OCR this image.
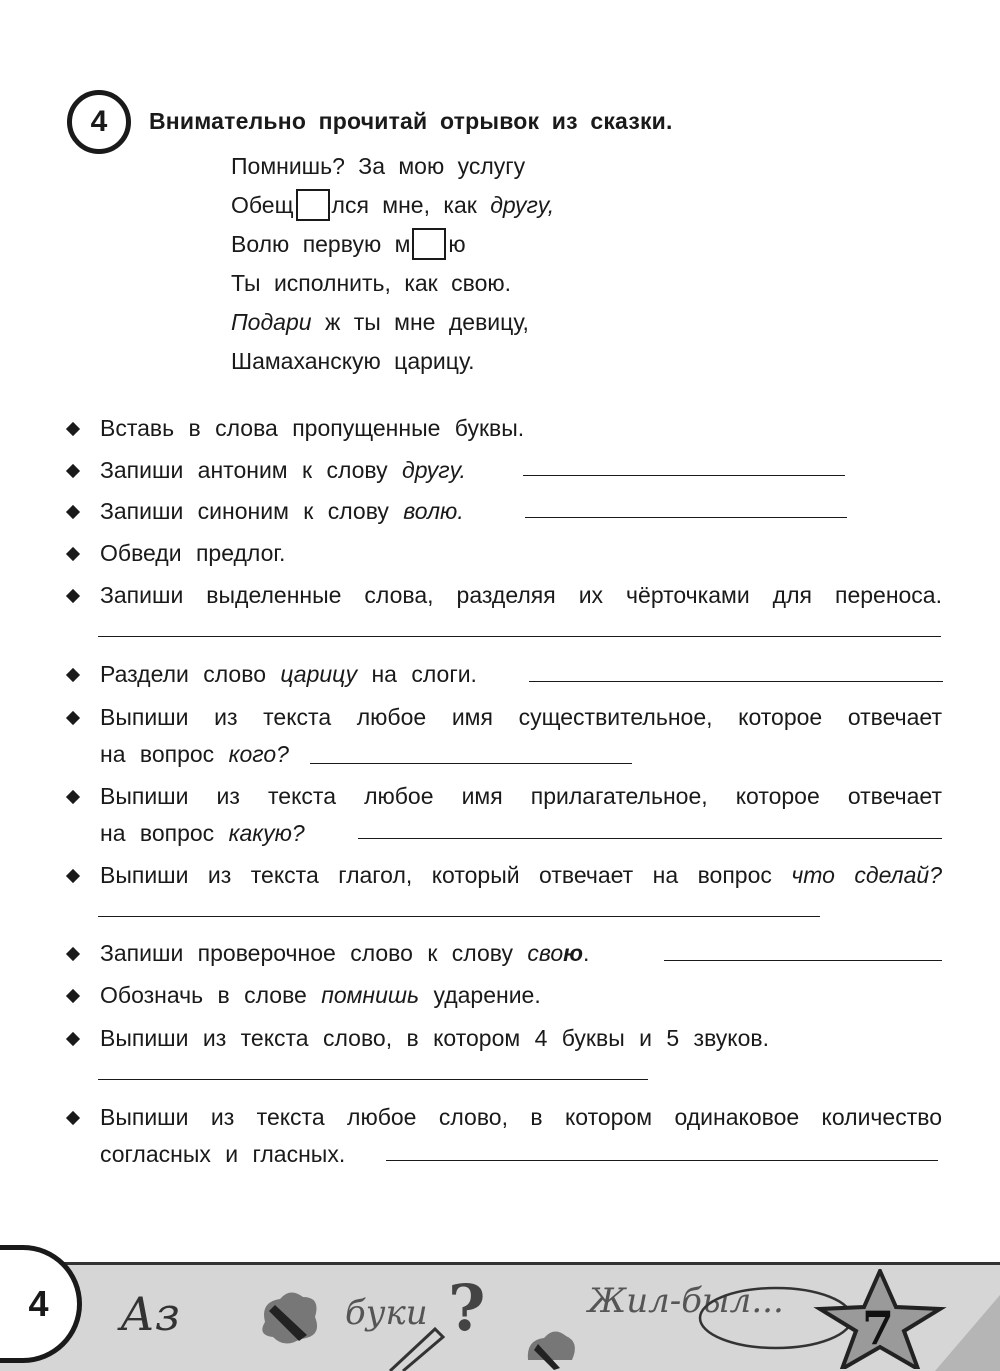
4 Внимательно прочитай отрывок из сказки.
Помнишь? За мою услугу
Обещ лся мне, как другу,
Волю первую м ю
Ты исполнить, как свою.
Подари ж ты мне девицу,
Шамаханскую царицу.
Вставь в слова пропущенные буквы.
Запиши антоним к слову другу.
Запиши синоним к слову волю.
Обведи предлог.
Запиши выделенные слова, разделяя их чёрточками для переноса.
Раздели слово царицу на слоги.
Выпиши из текста любое имя существительное, которое отвечает
на вопрос кого?
Выпиши из текста любое имя прилагательное, которое отвечает
на вопрос какую?
Выпиши из текста глагол, который отвечает на вопрос что сделай?
Запиши проверочное слово к слову свою.
Обозначь в слове помнишь ударение.
Выпиши из текста слово, в котором 4 буквы и 5 звуков.
Выпиши из текста любое слово, в котором одинаковое количество
согласных и гласных.
Аз	буки ?	Жил-был... 7
4
